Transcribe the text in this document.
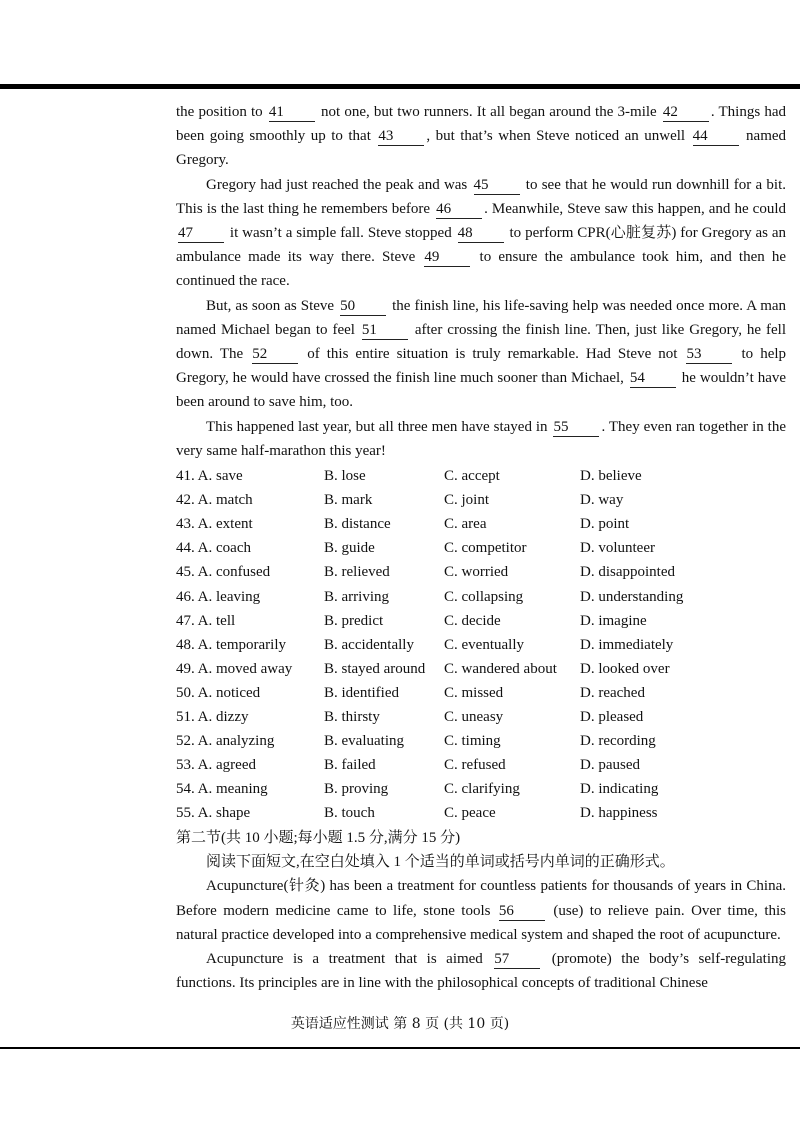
the position to 41 not one, but two runners. It all began around the 3-mile 42 . Things had been going smoothly up to that 43 , but that’s when Steve noticed an unwell 44	named Gregory.

Gregory had just reached the peak and was 45 to see that he would run downhill for a bit. This is the last thing he remembers before 46 . Meanwhile, Steve saw this happen, and he could 47 it wasn’t a simple fall. Steve stopped 48 to perform CPR(心脏复苏) for Gregory as an ambulance made its way there. Steve 49	to ensure the ambulance took him, and then he continued the race.

But, as soon as Steve 50 the finish line, his life-saving help was needed once more. A man named Michael began to feel 51	after crossing the finish line. Then, just like Gregory, he fell down. The 52	of this entire situation is truly remarkable. Had Steve not 53	to help Gregory, he would have crossed the finish line much sooner than Michael, 54 he wouldn’t have been around to save him, too.

This happened last year, but all three men have stayed in 55 . They even ran together in the very same half-marathon this year!

41. A. save	B. lose	C. accept	D. believe
42. A. match	B. mark	C. joint	D. way
43. A. extent	B. distance	C. area	D. point
44. A. coach	B. guide	C. competitor	D. volunteer
45. A. confused	B. relieved	C. worried	D. disappointed
46. A. leaving	B. arriving	C. collapsing	D. understanding
47. A. tell	B. predict	C. decide	D. imagine
48. A. temporarily	B. accidentally	C. eventually	D. immediately
49. A. moved away	B. stayed around	C. wandered about	D. looked over
50. A. noticed	B. identified	C. missed	D. reached
51. A. dizzy	B. thirsty	C. uneasy	D. pleased
52. A. analyzing	B. evaluating	C. timing	D. recording
53. A. agreed	B. failed	C. refused	D. paused
54. A. meaning	B. proving	C. clarifying	D. indicating
55. A. shape	B. touch	C. peace	D. happiness
第二节(共 10 小题;每小题 1.5 分,满分 15 分)
阅读下面短文,在空白处填入 1 个适当的单词或括号内单词的正确形式。

Acupuncture(针灸) has been a treatment for countless patients for thousands of years in China. Before modern medicine came to life, stone tools 56	(use) to relieve pain. Over time, this natural practice developed into a comprehensive medical system and shaped the root of acupuncture.

Acupuncture is a treatment that is aimed 57	(promote) the body’s self-regulating functions. Its principles are in line with the philosophical concepts of traditional Chinese

英语适应性测试 第 8 页 (共 10 页)
